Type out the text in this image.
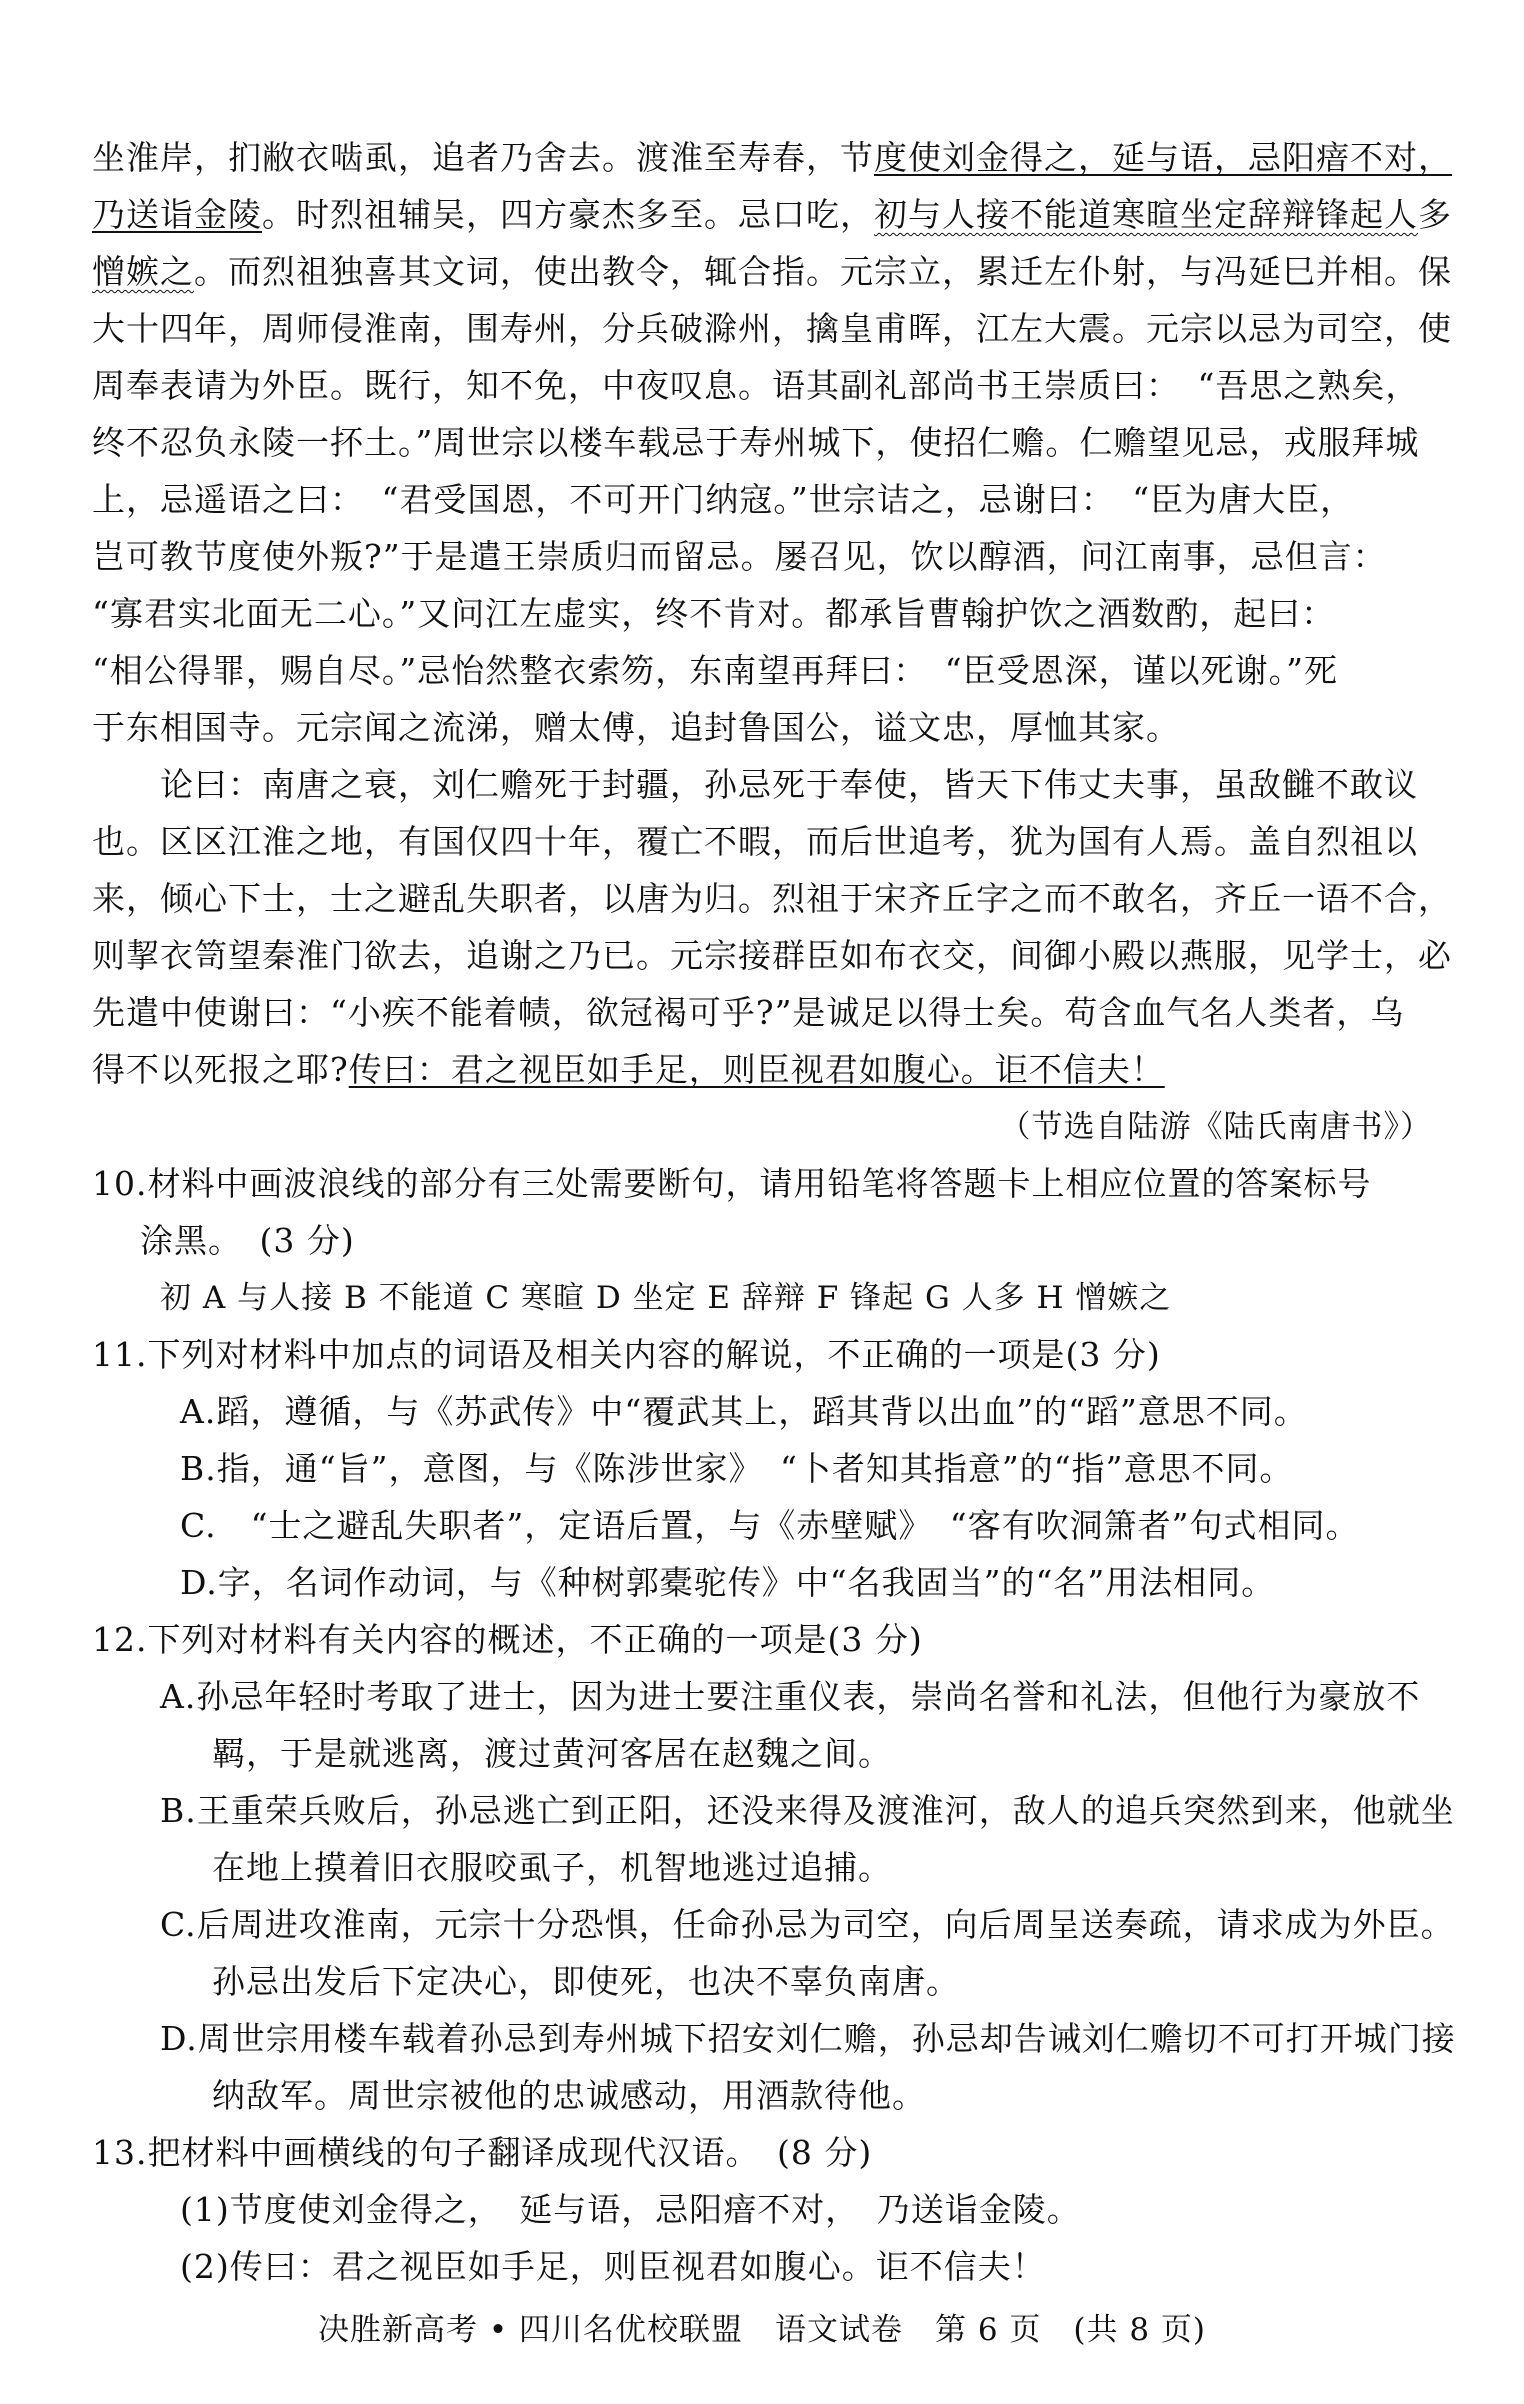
坐淮岸，扪敝衣啮虱，追者乃舍去。渡淮至寿春，节度使刘金得之，延与语，忌阳瘖不对，
乃送诣金陵。时烈祖辅吴，四方豪杰多至。忌口吃，初与人接不能道寒暄坐定辞辩锋起人多
憎嫉之。而烈祖独喜其文词，使出教令，辄合指。元宗立，累迁左仆射，与冯延巳并相。保
大十四年，周师侵淮南，围寿州，分兵破滁州，擒皇甫晖，江左大震。元宗以忌为司空，使
周奉表请为外臣。既行，知不免，中夜叹息。语其副礼部尚书王崇质曰：　“吾思之熟矣，
终不忍负永陵一抔土。”周世宗以楼车载忌于寿州城下，使招仁赡。仁赡望见忌，戎服拜城
上，忌遥语之曰：　“君受国恩，不可开门纳寇。”世宗诘之，忌谢曰：　“臣为唐大臣，
岂可教节度使外叛?”于是遣王崇质归而留忌。屡召见，饮以醇酒，问江南事，忌但言：
“寡君实北面无二心。”又问江左虚实，终不肯对。都承旨曹翰护饮之酒数酌，起曰：
“相公得罪，赐自尽。”忌怡然整衣索笏，东南望再拜曰：　“臣受恩深，谨以死谢。”死
于东相国寺。元宗闻之流涕，赠太傅，追封鲁国公，谥文忠，厚恤其家。
论曰：南唐之衰，刘仁赡死于封疆，孙忌死于奉使，皆天下伟丈夫事，虽敌雠不敢议
也。区区江淮之地，有国仅四十年，覆亡不暇，而后世追考，犹为国有人焉。盖自烈祖以
来，倾心下士，士之避乱失职者，以唐为归。烈祖于宋齐丘字之而不敢名，齐丘一语不合，
则挈衣笥望秦淮门欲去，追谢之乃已。元宗接群臣如布衣交，间御小殿以燕服，见学士，必
先遣中使谢曰：“小疾不能着帻，欲冠褐可乎?”是诚足以得士矣。苟含血气名人类者，乌
得不以死报之耶?传曰：君之视臣如手足，则臣视君如腹心。讵不信夫！
（节选自陆游《陆氏南唐书》）
10.材料中画波浪线的部分有三处需要断句，请用铅笔将答题卡上相应位置的答案标号
涂黑。　(3 分)
初 A 与人接 B 不能道 C 寒暄 D 坐定 E 辞辩 F 锋起 G 人多 H 憎嫉之
11.下列对材料中加点的词语及相关内容的解说，不正确的一项是(3 分)
A.蹈，遵循，与《苏武传》中“覆武其上，蹈其背以出血”的“蹈”意思不同。
B.指，通“旨”，意图，与《陈涉世家》　“卜者知其指意”的“指”意思不同。
C.　“士之避乱失职者”，定语后置，与《赤壁赋》　“客有吹洞箫者”句式相同。
D.字，名词作动词，与《种树郭橐驼传》中“名我固当”的“名”用法相同。
12.下列对材料有关内容的概述，不正确的一项是(3 分)
A.孙忌年轻时考取了进士，因为进士要注重仪表，崇尚名誉和礼法，但他行为豪放不
羁，于是就逃离，渡过黄河客居在赵魏之间。
B.王重荣兵败后，孙忌逃亡到正阳，还没来得及渡淮河，敌人的追兵突然到来，他就坐
在地上摸着旧衣服咬虱子，机智地逃过追捕。
C.后周进攻淮南，元宗十分恐惧，任命孙忌为司空，向后周呈送奏疏，请求成为外臣。
孙忌出发后下定决心，即使死，也决不辜负南唐。
D.周世宗用楼车载着孙忌到寿州城下招安刘仁赡，孙忌却告诫刘仁赡切不可打开城门接
纳敌军。周世宗被他的忠诚感动，用酒款待他。
13.把材料中画横线的句子翻译成现代汉语。　(8 分)
(1)节度使刘金得之，　延与语，忌阳瘖不对，　乃送诣金陵。
(2)传曰：君之视臣如手足，则臣视君如腹心。讵不信夫！
决胜新高考 • 四川名优校联盟　语文试卷　第 6 页　(共 8 页)
